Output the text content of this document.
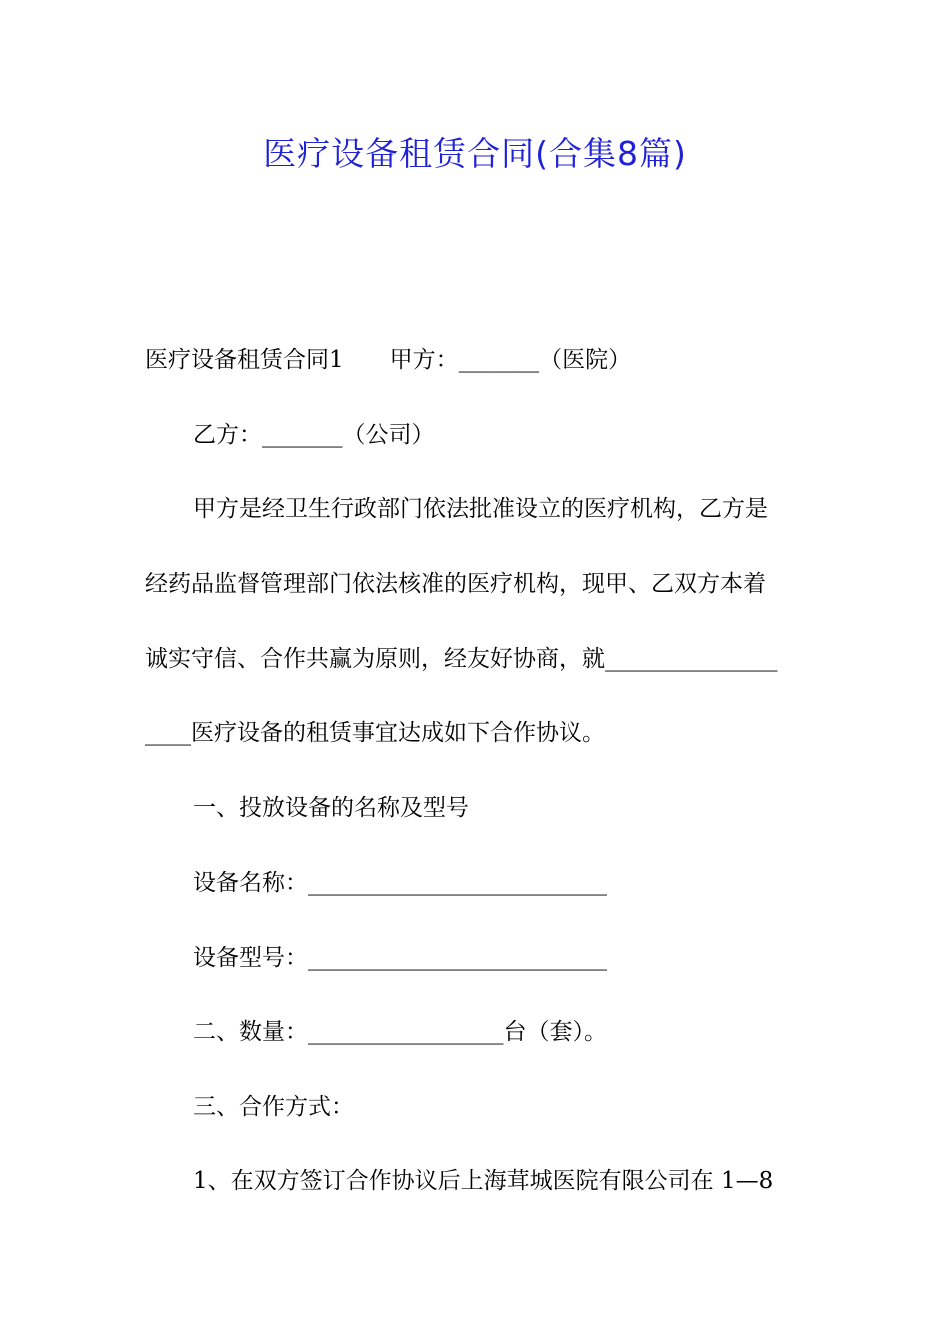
医疗设备租赁合同(合集8篇)
医疗设备租赁合同1 甲方：_______（医院）
乙方：_______（公司）
甲方是经卫生行政部门依法批准设立的医疗机构，乙方是
经药品监督管理部门依法核准的医疗机构，现甲、乙双方本着
诚实守信、合作共赢为原则，经友好协商，就_______________
____医疗设备的租赁事宜达成如下合作协议。
一、投放设备的名称及型号
设备名称：__________________________
设备型号：__________________________
二、数量：_________________台（套）。
三、合作方式：
1、在双方签订合作协议后上海茸城医院有限公司在 1—8
